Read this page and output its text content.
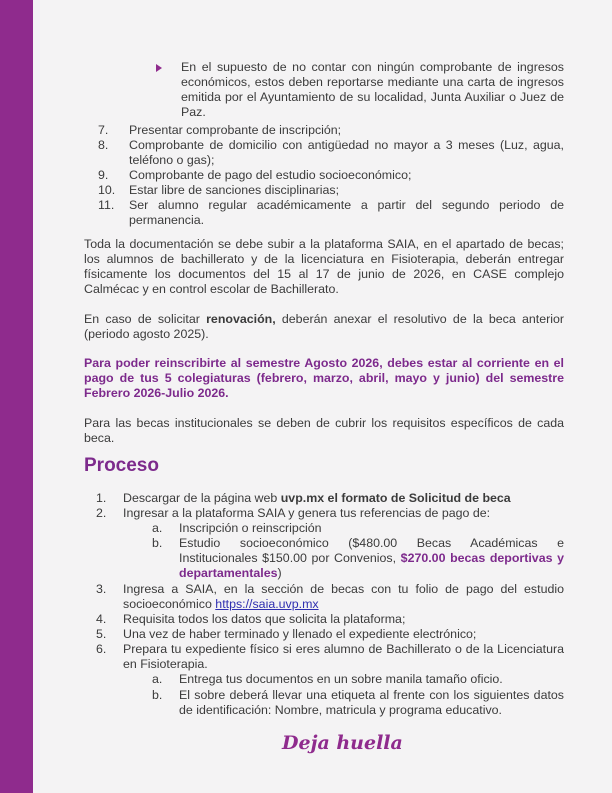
En el supuesto de no contar con ningún comprobante de ingresos económicos, estos deben reportarse mediante una carta de ingresos emitida por el Ayuntamiento de su localidad, Junta Auxiliar o Juez de Paz.
7.	Presentar comprobante de inscripción;
8.	Comprobante de domicilio con antigüedad no mayor a 3 meses (Luz, agua, teléfono o gas);
9.	Comprobante de pago del estudio socioeconómico;
10.	Estar libre de sanciones disciplinarias;
11.	Ser alumno regular académicamente a partir del segundo periodo de permanencia.
Toda la documentación se debe subir a la plataforma SAIA, en el apartado de becas; los alumnos de bachillerato y de la licenciatura en Fisioterapia, deberán entregar físicamente los documentos del 15 al 17 de junio de 2026, en CASE complejo Calmécac y en control escolar de Bachillerato.
En caso de solicitar renovación, deberán anexar el resolutivo de la beca anterior (periodo agosto 2025).
Para poder reinscribirte al semestre Agosto 2026, debes estar al corriente en el pago de tus 5 colegiaturas (febrero, marzo, abril, mayo y junio) del semestre Febrero 2026-Julio 2026.
Para las becas institucionales se deben de cubrir los requisitos específicos de cada beca.
Proceso
1.	Descargar de la página web uvp.mx el formato de Solicitud de beca
2.	Ingresar a la plataforma SAIA y genera tus referencias de pago de:
a.	Inscripción o reinscripción
b.	Estudio socioeconómico ($480.00 Becas Académicas e Institucionales $150.00 por Convenios, $270.00 becas deportivas y departamentales)
3.	Ingresa a SAIA, en la sección de becas con tu folio de pago del estudio socioeconómico https://saia.uvp.mx
4.	Requisita todos los datos que solicita la plataforma;
5.	Una vez de haber terminado y llenado el expediente electrónico;
6.	Prepara tu expediente físico si eres alumno de Bachillerato o de la Licenciatura en Fisioterapia.
a.	Entrega tus documentos en un sobre manila tamaño oficio.
b.	El sobre deberá llevar una etiqueta al frente con los siguientes datos de identificación: Nombre, matricula y programa educativo.
Deja huella
